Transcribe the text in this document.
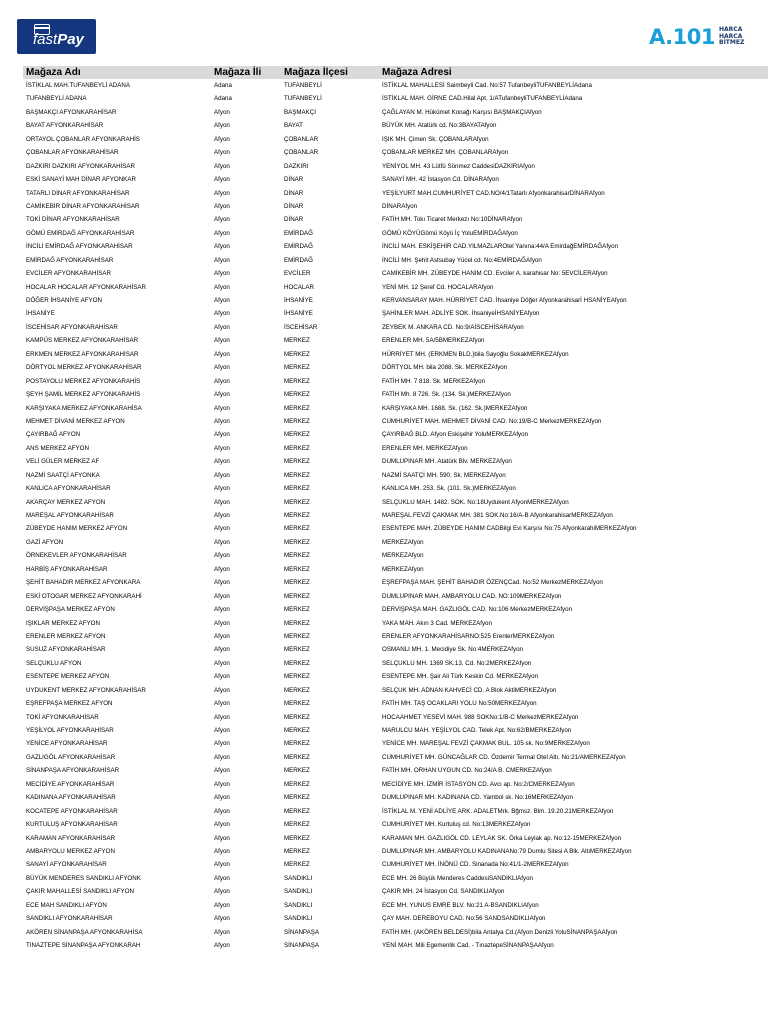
fastPay	A.101 HARCA
HARCA
BİTMEZ
Mağaza Adı	Mağaza İli	Mağaza İlçesi	Mağaza Adresi
İSTİKLAL MAH.TUFANBEYLİ ADANA	Adana	TUFANBEYLİ	İSTİKLAL MAHALLESİ Saimbeyli Cad. No:57 TufanbeyliTUFANBEYLİAdana
TUFANBEYLİ ADANA	Adana	TUFANBEYLİ	İSTİKLAL MAH. GİRNE CAD.Hilal Apt. 1/ATufanbeyliTUFANBEYLİAdana
BAŞMAKÇI AFYONKARAHİSAR	Afyon	BAŞMAKÇI	ÇAĞLAYAN M. Hükümet Konağı Karşısı BAŞMAKÇIAfyon
BAYAT AFYONKARAHİSAR	Afyon	BAYAT	BÜYÜK MH. Atatürk cd. No:3BAYATAfyon
ORTAYOL ÇOBANLAR AFYONKARAHİS	Afyon	ÇOBANLAR	IŞIK MH. Çimen Sk. ÇOBANLARAfyon
ÇOBANLAR AFYONKARAHİSAR	Afyon	ÇOBANLAR	ÇOBANLAR MERKEZ MH. ÇOBANLARAfyon
DAZKIRI DAZKIRI AFYONKARAHİSAR	Afyon	DAZKIRI	YENİYOL MH. 43 Lütfü Sönmez CaddesiDAZKIRIAfyon
ESKİ SANAYİ MAH DİNAR AFYONKAR	Afyon	DİNAR	SANAYİ MH. 42 İstasyon Cd. DİNARAfyon
TATARLI DİNAR AFYONKARAHİSAR	Afyon	DİNAR	YEŞİLYURT MAH.CUMHURİYET CAD.NO/4/1Tatarlı AfyonkarahisarDİNARAfyon
CAMİKEBİR DİNAR AFYONKARAHİSAR	Afyon	DİNAR	DİNARAfyon
TOKİ DİNAR AFYONKARAHİSAR	Afyon	DİNAR	FATİH MH. Tokı Ticaret Merkezı No:10DİNARAfyon
GÖMÜ EMİRDAĞ AFYONKARAHİSAR	Afyon	EMİRDAĞ	GÖMÜ KÖYÜGömü Köyü İç YoluEMİRDAĞAfyon
İNCİLİ EMİRDAĞ AFYONKARAHİSAR	Afyon	EMİRDAĞ	İNCİLİ MAH. ESKİŞEHİR CAD.YILMAZLAROtel Yanına:44/A EmirdağEMİRDAĞAfyon
EMİRDAĞ AFYONKARAHİSAR	Afyon	EMİRDAĞ	İNCİLİ MH. Şehit Astsubay Yücel cd. No:4EMİRDAĞAfyon
EVCİLER AFYONKARAHİSAR	Afyon	EVCİLER	CAMİKEBİR MH. ZÜBEYDE HANIM CD. Evciler A. karahisar No: 5EVCİLERAfyon
HOCALAR HOCALAR AFYONKARAHİSAR	Afyon	HOCALAR	YENİ MH. 12 Şeref Cd. HOCALARAfyon
DÖĞER İHSANİYE AFYON	Afyon	İHSANİYE	KERVANSARAY MAH. HÜRRİYET CAD. İhsaniye Döğer Afyonkarahisarİ HSANİYEAfyon
İHSANİYE	Afyon	İHSANİYE	ŞAHİNLER MAH. ADLİYE SOK. İhsaniyeİHSANİYEAfyon
İSCEHİSAR AFYONKARAHİSAR	Afyon	İSCEHİSAR	ZEYBEK M. ANKARA CD. No:9/AİSCEHİSARAfyon
KAMPÜS MERKEZ AFYONKARAHİSAR	Afyon	MERKEZ	ERENLER MH. 5A/5BMERKEZAfyon
ERKMEN MERKEZ AFYONKARAHİSAR	Afyon	MERKEZ	HÜRRİYET MH. (ERKMEN BLD.)bila Sayoğlu SokakMERKEZAfyon
DÖRTYOL MERKEZ AFYONKARAHİSAR	Afyon	MERKEZ	DÖRTYOL MH. bila 2088. Sk. MERKEZAfyon
POSTAYOLU MERKEZ AFYONKARAHİS	Afyon	MERKEZ	FATİH MH. 7 818. Sk. MERKEZAfyon
ŞEYH ŞAMİL MERKEZ AFYONKARAHİS	Afyon	MERKEZ	FATİH Mh. 8 726. Sk. (134. Sk.)MERKEZAfyon
KARŞIYAKA MERKEZ AFYONKARAHİSA	Afyon	MERKEZ	KARŞIYAKA MH. 1688. Sk. (162. Sk.)MERKEZAfyon
MEHMET DİVANİ MERKEZ AFYON	Afyon	MERKEZ	CUMHURİYET MAH. MEHMET DİVANİ CAD. No:19/B-C MerkezMERKEZAfyon
ÇAYIRBAĞ AFYON	Afyon	MERKEZ	ÇAYIRBAĞ BLD. Afyon Eskişehir YoluMERKEZAfyon
ANS MERKEZ AFYON	Afyon	MERKEZ	ERENLER MH. MERKEZAfyon
VELİ GÜLER MERKEZ AF	Afyon	MERKEZ	DUMLUPINAR MH. Atatürk Blv. MERKEZAfyon
NAZMİ SAATÇİ AFYONKA	Afyon	MERKEZ	NAZMİ SAATÇİ MH. 590. Sk. MERKEZAfyon
KANLICA AFYONKARAHİSAR	Afyon	MERKEZ	KANLICA MH. 253. Sk. (101. Sk.)MERKEZAfyon
AKARÇAY MERKEZ AFYON	Afyon	MERKEZ	SELÇUKLU MAH. 1482. SOK. No:18Uydukent AfyonMERKEZAfyon
MAREŞAL AFYONKARAHİSAR	Afyon	MERKEZ	MAREŞAL FEVZİ ÇAKMAK MH. 381 SOK.No:16/A-B AfyonkarahisarMERKEZAfyon
ZÜBEYDE HANIM MERKEZ AFYON	Afyon	MERKEZ	ESENTEPE MAH. ZÜBEYDE HANIM CADBilgi Evi Karşısı No:75 AfyonkarahiMERKEZAfyon
GAZİ AFYON	Afyon	MERKEZ	MERKEZAfyon
ÖRNEKEVLER AFYONKARAHİSAR	Afyon	MERKEZ	MERKEZAfyon
HARBİŞ AFYONKARAHİSAR	Afyon	MERKEZ	MERKEZAfyon
ŞEHİT BAHADIR MERKEZ AFYONKARA	Afyon	MERKEZ	EŞREFPAŞA MAH. ŞEHİT BAHADIR ÖZENÇCad. No:52 MerkezMERKEZAfyon
ESKİ OTOGAR MERKEZ AFYONKARAHİ	Afyon	MERKEZ	DUMLUPINAR MAH. AMBARYOLU CAD. NO:109MERKEZAfyon
DERVİŞPAŞA MERKEZ AFYON	Afyon	MERKEZ	DERVİŞPAŞA MAH. GAZLIGÖL CAD. No:106 MerkezMERKEZAfyon
IŞIKLAR MERKEZ AFYON	Afyon	MERKEZ	YAKA MAH. Akın 3 Cad. MERKEZAfyon
ERENLER MERKEZ AFYON	Afyon	MERKEZ	ERENLER AFYONKARAHİSARNO:525 ErenlerMERKEZAfyon
SUSUZ AFYONKARAHİSAR	Afyon	MERKEZ	OSMANLI MH. 1. Mecidiye Sk. No:4MERKEZAfyon
SELÇUKLU AFYON	Afyon	MERKEZ	SELÇUKLU MH. 1369 SK.13. Cd. No:2MERKEZAfyon
ESENTEPE MERKEZ AFYON	Afyon	MERKEZ	ESENTEPE MH. Şair Ali Türk Keskin Cd. MERKEZAfyon
UYDUKENT MERKEZ AFYONKARAHİSAR	Afyon	MERKEZ	SELÇUK MH. ADNAN KAHVECİ CD. A Blok AktiMERKEZAfyon
EŞREFPAŞA MERKEZ AFYON	Afyon	MERKEZ	FATİH MH. TAŞ OCAKLARI YOLU No:50MERKEZAfyon
TOKİ AFYONKARAHİSAR	Afyon	MERKEZ	HOCAAHMET YESEVİ MAH. 988 SOKNo:1/B-C MerkezMERKEZAfyon
YEŞİLYOL AFYONKARAHİSAR	Afyon	MERKEZ	MARULCU MAH. YEŞİLYOL CAD. Telek Apt. No:62/BMERKEZAfyon
YENİCE AFYONKARAHİSAR	Afyon	MERKEZ	YENİCE MH. MAREŞAL FEVZİ ÇAKMAK BUL. 105 sk. No:9MERKEZAfyon
GAZLIGÖL AFYONKARAHİSAR	Afyon	MERKEZ	CUMHURİYET MH. GÜNCAĞLAR CD. Özdemir Termal Otel Altı. No:21/AMERKEZAfyon
SİNANPAŞA AFYONKARAHİSAR	Afyon	MERKEZ	FATİH MH. ORHAN UYGUN CD. No:24/A B. CMERKEZAfyon
MECİDİYE AFYONKARAHİSAR	Afyon	MERKEZ	MECİDİYE MH. İZMİR İSTASYON CD. Avcı ap. No:2/CMERKEZAfyon
KADINANA AFYONKARAHİSAR	Afyon	MERKEZ	DUMLUPINAR MH. KADINANA CD. Yambol sk. No:16MERKEZAfyon
KOCATEPE AFYONKARAHİSAR	Afyon	MERKEZ	İSTİKLAL M. YENİ ADLİYE ARK. ADALETMrk. Bğmsz. Blm. 19.20.21MERKEZAfyon
KURTULUŞ AFYONKARAHİSAR	Afyon	MERKEZ	CUMHURİYET MH. Kurtuluş cd. No:13MERKEZAfyon
KARAMAN AFYONKARAHİSAR	Afyon	MERKEZ	KARAMAN MH. GAZLIGÖL CD. LEYLAK SK. Örka Leylak ap. No:12-15MERKEZAfyon
AMBARYOLU MERKEZ AFYON	Afyon	MERKEZ	DUMLUPINAR MH. AMBARYOLU KADINANANo:79 Dumlu Sitesi A Blk. AltıMERKEZAfyon
SANAYİ AFYONKARAHİSAR	Afyon	MERKEZ	CUMHURİYET MH. İNÖNÜ CD. Sinanada No:41/1-2MERKEZAfyon
BÜYÜK MENDERES SANDIKLI AFYONK	Afyon	SANDIKLI	ECE MH. 26 Büyük Menderes CaddesiSANDIKLIAfyon
ÇAKIR MAHALLESİ SANDIKLI AFYON	Afyon	SANDIKLI	ÇAKIR MH. 24 İstasyon Cd. SANDIKLIAfyon
ECE MAH SANDIKLI AFYON	Afyon	SANDIKLI	ECE MH. YUNUS EMRE BLV. No:21 A-BSANDIKLIAfyon
SANDIKLI AFYONKARAHİSAR	Afyon	SANDIKLI	ÇAY MAH. DEREBOYU CAD. No:56 SANDSANDIKLIAfyon
AKÖREN SİNANPAŞA AFYONKARAHİSA	Afyon	SİNANPAŞA	FATİH MH. (AKÖREN BELDESİ)bila Antalya Cd.(Afyon Denizli YoluSİNANPAŞAAfyon
TINAZTEPE SİNANPAŞA AFYONKARAH	Afyon	SİNANPAŞA	YENİ MAH. Mili Egemenlik Cad. - TınaztepeSİNANPAŞAAfyon
